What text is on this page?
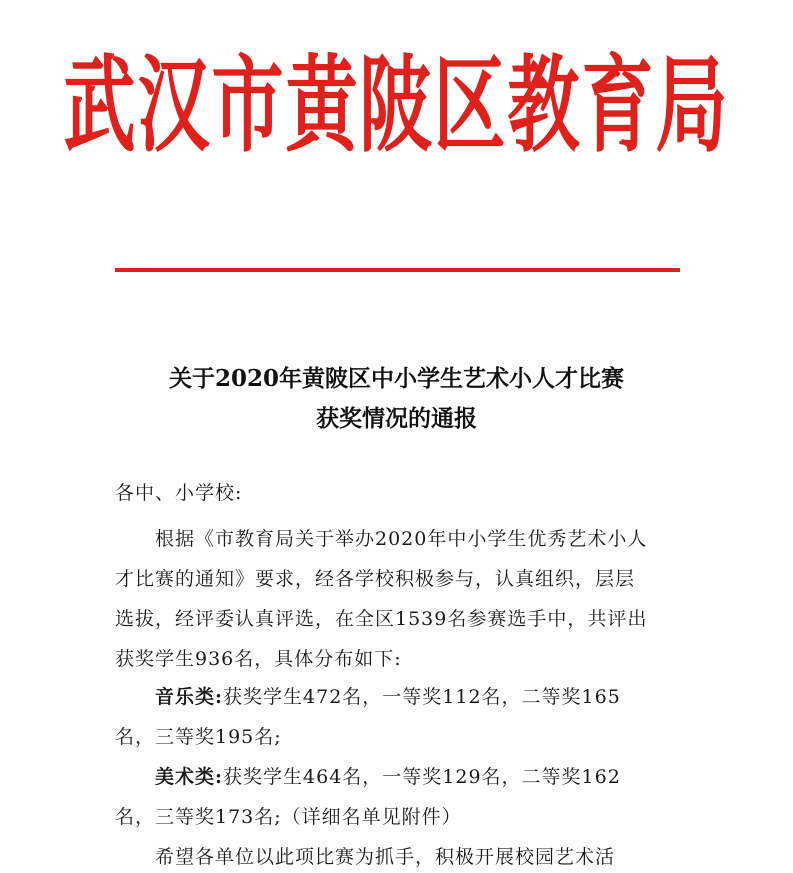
武汉市黄陂区教育局
关于2020年黄陂区中小学生艺术小人才比赛
获奖情况的通报
各中、小学校:
根据《市教育局关于举办2020年中小学生优秀艺术小人
才比赛的通知》要求，经各学校积极参与，认真组织，层层
选拔，经评委认真评选，在全区1539名参赛选手中，共评出
获奖学生936名，具体分布如下:
音乐类:获奖学生472名，一等奖112名，二等奖165
名，三等奖195名;
美术类:获奖学生464名，一等奖129名，二等奖162
名，三等奖173名;（详细名单见附件）
希望各单位以此项比赛为抓手，积极开展校园艺术活
